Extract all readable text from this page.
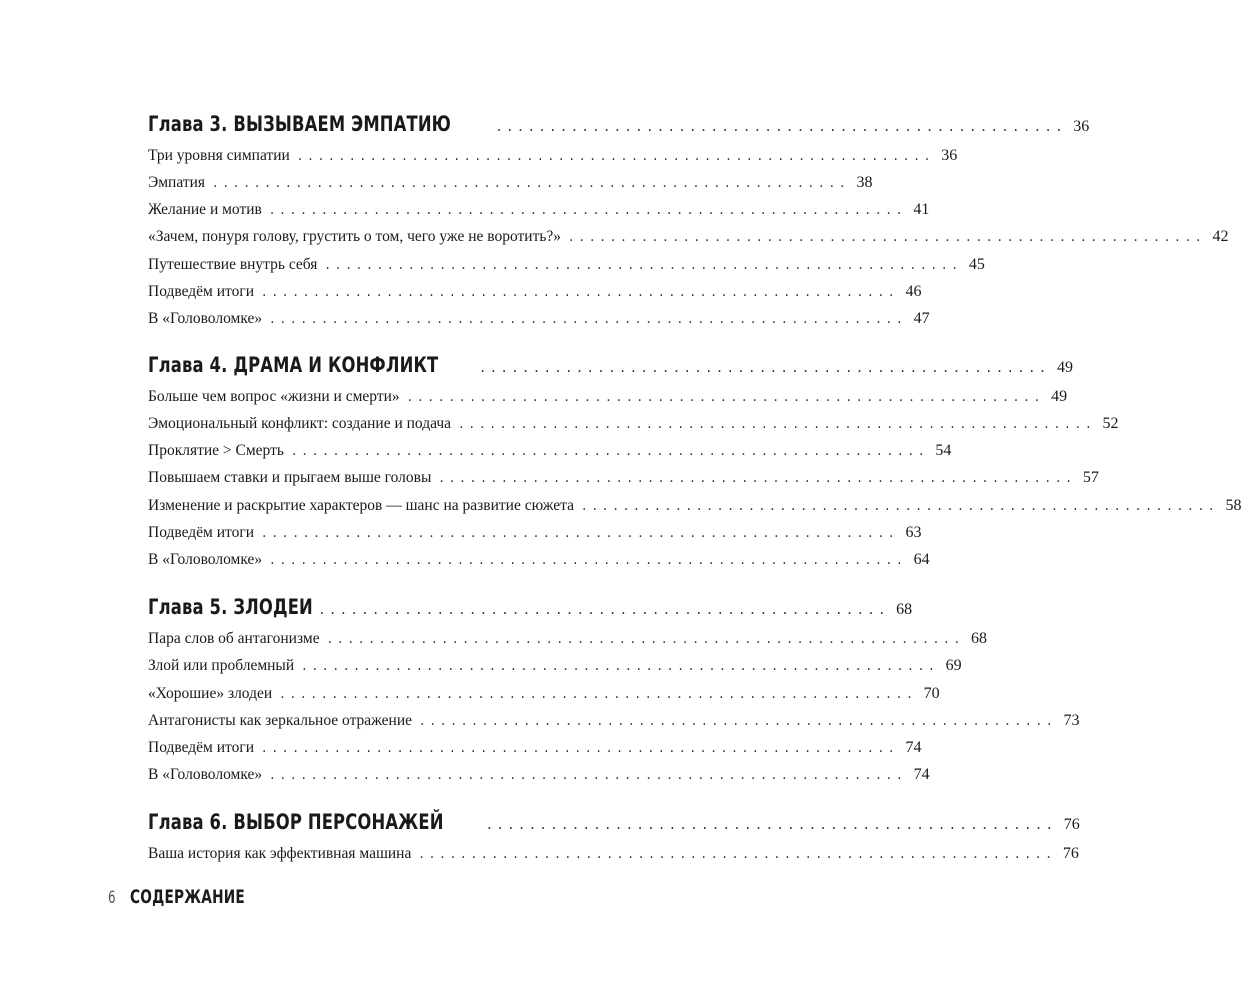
Глава 3. ВЫЗЫВАЕМ ЭМПАТИЮ	..................................................... 36
Три уровня симпатии ............................................................. 36
Эмпатия ............................................................. 38
Желание и мотив ............................................................. 41
«Зачем, понуря голову, грустить о том, чего уже не воротить?» ............................................................. 42
Путешествие внутрь себя ............................................................. 45
Подведём итоги ............................................................. 46
В «Головоломке» ............................................................. 47
Глава 4. ДРАМА И КОНФЛИКТ	..................................................... 49
Больше чем вопрос «жизни и смерти» ............................................................. 49
Эмоциональный конфликт: создание и подача ............................................................. 52
Проклятие > Смерть ............................................................. 54
Повышаем ставки и прыгаем выше головы ............................................................. 57
Изменение и раскрытие характеров — шанс на развитие сюжета ............................................................. 58
Подведём итоги ............................................................. 63
В «Головоломке» ............................................................. 64
Глава 5. ЗЛОДЕИ ..................................................... 68
Пара слов об антагонизме ............................................................. 68
Злой или проблемный ............................................................. 69
«Хорошие» злодеи ............................................................. 70
Антагонисты как зеркальное отражение ............................................................. 73
Подведём итоги ............................................................. 74
В «Головоломке» ............................................................. 74
Глава 6. ВЫБОР ПЕРСОНАЖЕЙ	..................................................... 76
Ваша история как эффективная машина ............................................................. 76
6 СОДЕРЖАНИЕ
